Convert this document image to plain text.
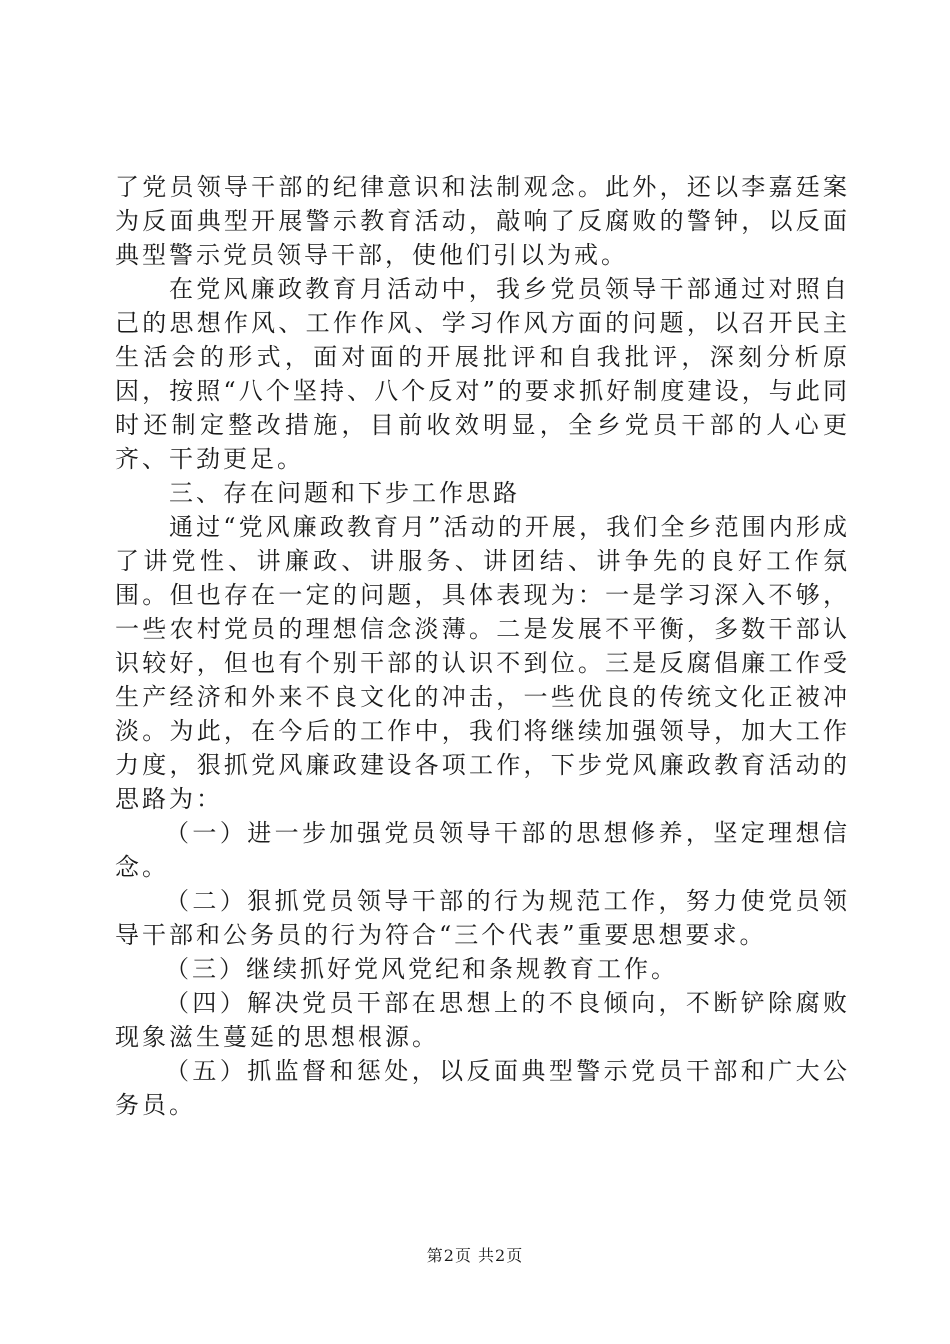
了党员领导干部的纪律意识和法制观念。此外，还以李嘉廷案为反面典型开展警示教育活动，敲响了反腐败的警钟，以反面典型警示党员领导干部，使他们引以为戒。

在党风廉政教育月活动中，我乡党员领导干部通过对照自己的思想作风、工作作风、学习作风方面的问题，以召开民主生活会的形式，面对面的开展批评和自我批评，深刻分析原因，按照“八个坚持、八个反对”的要求抓好制度建设，与此同时还制定整改措施，目前收效明显，全乡党员干部的人心更齐、干劲更足。

三、存在问题和下步工作思路

通过“党风廉政教育月”活动的开展，我们全乡范围内形成了讲党性、讲廉政、讲服务、讲团结、讲争先的良好工作氛围。但也存在一定的问题，具体表现为：一是学习深入不够，一些农村党员的理想信念淡薄。二是发展不平衡，多数干部认识较好，但也有个别干部的认识不到位。三是反腐倡廉工作受生产经济和外来不良文化的冲击，一些优良的传统文化正被冲淡。为此，在今后的工作中，我们将继续加强领导，加大工作力度，狠抓党风廉政建设各项工作，下步党风廉政教育活动的思路为：

（一）进一步加强党员领导干部的思想修养，坚定理想信念。

（二）狠抓党员领导干部的行为规范工作，努力使党员领导干部和公务员的行为符合“三个代表”重要思想要求。

（三）继续抓好党风党纪和条规教育工作。

（四）解决党员干部在思想上的不良倾向，不断铲除腐败现象滋生蔓延的思想根源。

（五）抓监督和惩处，以反面典型警示党员干部和广大公务员。

第2页 共2页
